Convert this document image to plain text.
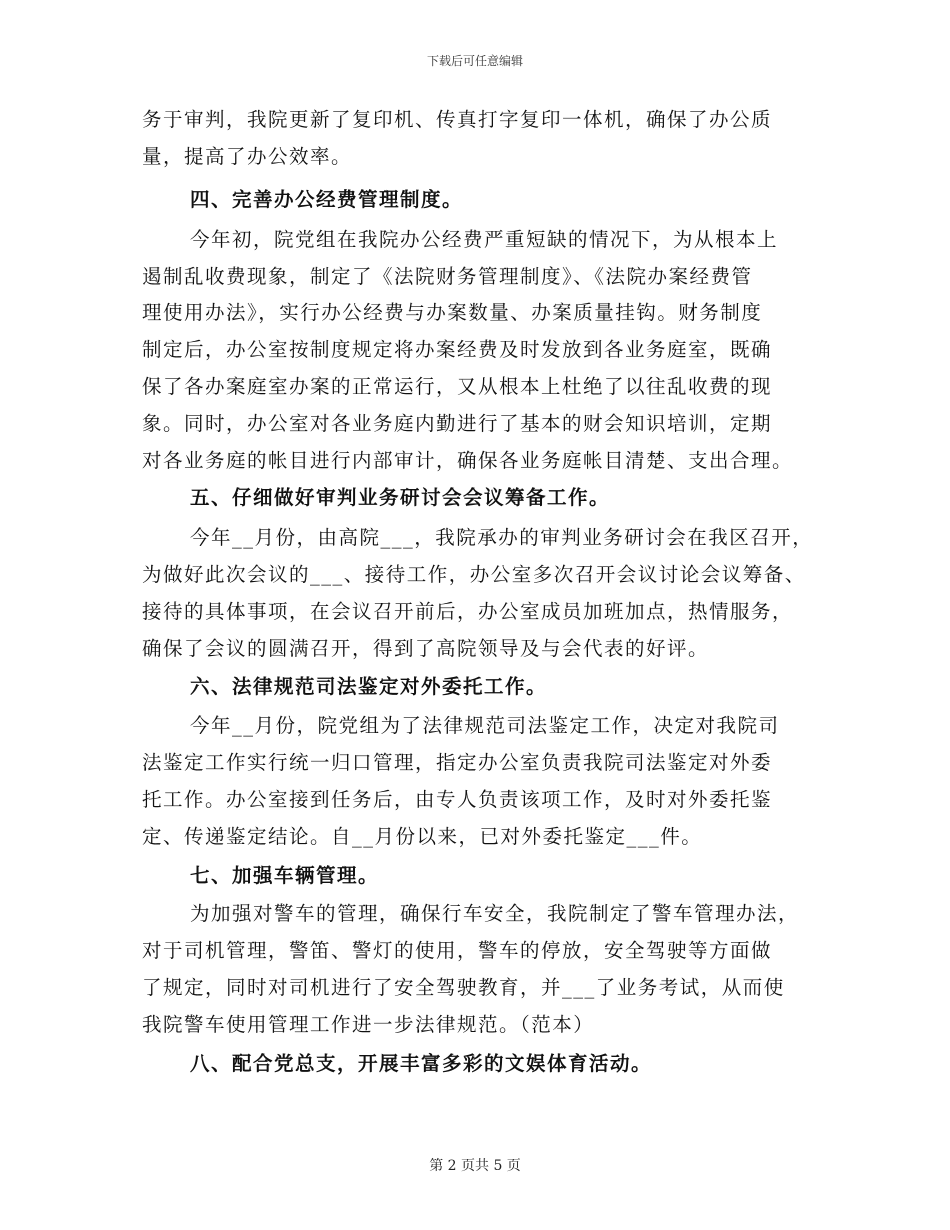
下载后可任意编辑
务于审判，我院更新了复印机、传真打字复印一体机，确保了办公质
量，提高了办公效率。
四、完善办公经费管理制度。
今年初，院党组在我院办公经费严重短缺的情况下，为从根本上
遏制乱收费现象，制定了《法院财务管理制度》、《法院办案经费管
理使用办法》，实行办公经费与办案数量、办案质量挂钩。财务制度
制定后，办公室按制度规定将办案经费及时发放到各业务庭室，既确
保了各办案庭室办案的正常运行，又从根本上杜绝了以往乱收费的现
象。同时，办公室对各业务庭内勤进行了基本的财会知识培训，定期
对各业务庭的帐目进行内部审计，确保各业务庭帐目清楚、支出合理。
五、仔细做好审判业务研讨会会议筹备工作。
今年__月份，由高院___，我院承办的审判业务研讨会在我区召开，
为做好此次会议的___、接待工作，办公室多次召开会议讨论会议筹备、
接待的具体事项，在会议召开前后，办公室成员加班加点，热情服务，
确保了会议的圆满召开，得到了高院领导及与会代表的好评。
六、法律规范司法鉴定对外委托工作。
今年__月份，院党组为了法律规范司法鉴定工作，决定对我院司
法鉴定工作实行统一归口管理，指定办公室负责我院司法鉴定对外委
托工作。办公室接到任务后，由专人负责该项工作，及时对外委托鉴
定、传递鉴定结论。自__月份以来，已对外委托鉴定___件。
七、加强车辆管理。
为加强对警车的管理，确保行车安全，我院制定了警车管理办法，
对于司机管理，警笛、警灯的使用，警车的停放，安全驾驶等方面做
了规定，同时对司机进行了安全驾驶教育，并___了业务考试，从而使
我院警车使用管理工作进一步法律规范。（范本）
八、配合党总支，开展丰富多彩的文娱体育活动。
第 2 页共 5 页
